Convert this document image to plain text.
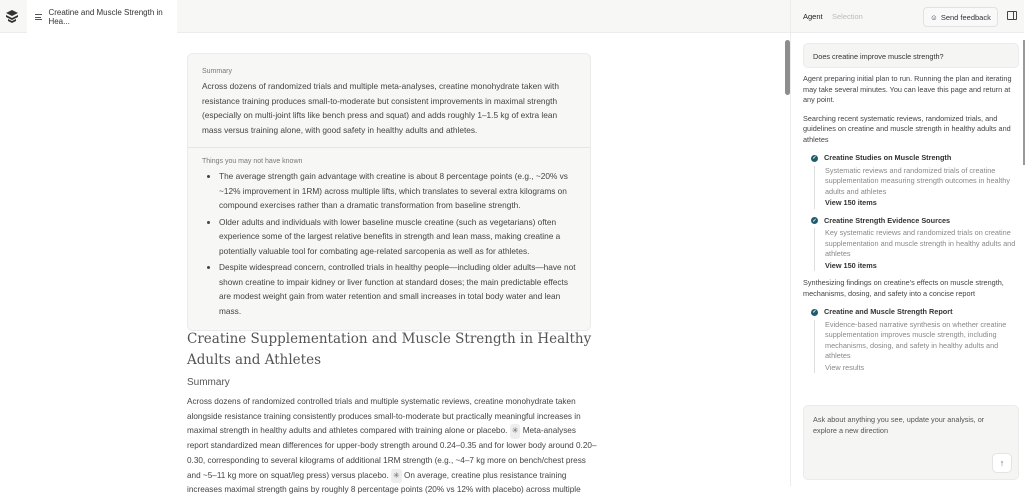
Creatine and Muscle Strength in Hea...
Summary
Across dozens of randomized trials and multiple meta-analyses, creatine monohydrate taken with resistance training produces small-to-moderate but consistent improvements in maximal strength (especially on multi-joint lifts like bench press and squat) and adds roughly 1–1.5 kg of extra lean mass versus training alone, with good safety in healthy adults and athletes.
Things you may not have known
• The average strength gain advantage with creatine is about 8 percentage points (e.g., ~20% vs ~12% improvement in 1RM) across multiple lifts, which translates to several extra kilograms on compound exercises rather than a dramatic transformation from baseline strength.
• Older adults and individuals with lower baseline muscle creatine (such as vegetarians) often experience some of the largest relative benefits in strength and lean mass, making creatine a potentially valuable tool for combating age-related sarcopenia as well as for athletes.
• Despite widespread concern, controlled trials in healthy people—including older adults—have not shown creatine to impair kidney or liver function at standard doses; the main predictable effects are modest weight gain from water retention and small increases in total body water and lean mass.
Creatine Supplementation and Muscle Strength in Healthy Adults and Athletes
Summary
Across dozens of randomized controlled trials and multiple systematic reviews, creatine monohydrate taken alongside resistance training consistently produces small-to-moderate but practically meaningful increases in maximal strength in healthy adults and athletes compared with training alone or placebo. ✳ Meta-analyses report standardized mean differences for upper-body strength around 0.24–0.35 and for lower body around 0.20–0.30, corresponding to several kilograms of additional 1RM strength (e.g., ~4–7 kg more on bench/chest press and ~5–11 kg more on squat/leg press) versus placebo. ✳ On average, creatine plus resistance training increases maximal strength gains by roughly 8 percentage points (20% vs 12% with placebo) across multiple
Agent Selection	☺ Send feedback
Does creatine improve muscle strength?

Agent preparing initial plan to run. Running the plan and iterating may take several minutes. You can leave this page and return at any point.

Searching recent systematic reviews, randomized trials, and guidelines on creatine and muscle strength in healthy adults and athletes

✓ Creatine Studies on Muscle Strength
Systematic reviews and randomized trials of creatine supplementation measuring strength outcomes in healthy adults and athletes
View 150 items
✓ Creatine Strength Evidence Sources
Key systematic reviews and randomized trials on creatine supplementation and muscle strength in healthy adults and athletes
View 150 items

Synthesizing findings on creatine's effects on muscle strength, mechanisms, dosing, and safety into a concise report

✓ Creatine and Muscle Strength Report
Evidence-based narrative synthesis on whether creatine supplementation improves muscle strength, including mechanisms, dosing, and safety in healthy adults and athletes
View results
Ask about anything you see, update your analysis, or explore a new direction
↑
